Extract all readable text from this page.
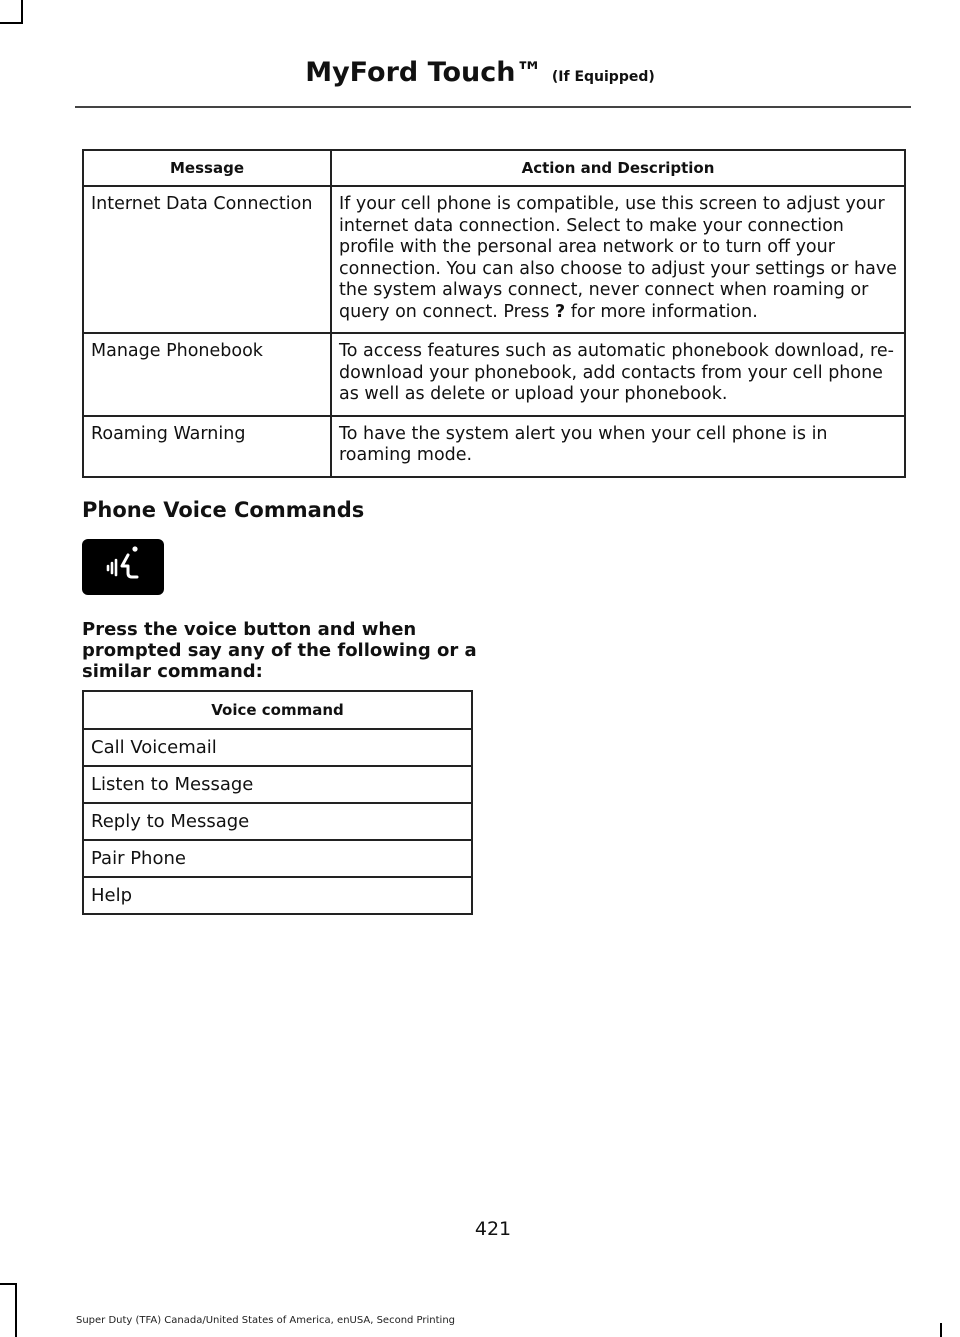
MyFord Touch™ (If Equipped)
Message	Action and Description
Internet Data Connection	If your cell phone is compatible, use this screen to adjust your internet data connection. Select to make your connection profile with the personal area network or to turn off your connection. You can also choose to adjust your settings or have the system always connect, never connect when roaming or query on connect. Press ? for more information.
Manage Phonebook	To access features such as automatic phonebook download, re-download your phonebook, add contacts from your cell phone as well as delete or upload your phonebook.
Roaming Warning	To have the system alert you when your cell phone is in roaming mode.
Phone Voice Commands

Press the voice button and when prompted say any of the following or a similar command:

Voice command
Call Voicemail
Listen to Message
Reply to Message
Pair Phone
Help
421
Super Duty (TFA) Canada/United States of America, enUSA, Second Printing
